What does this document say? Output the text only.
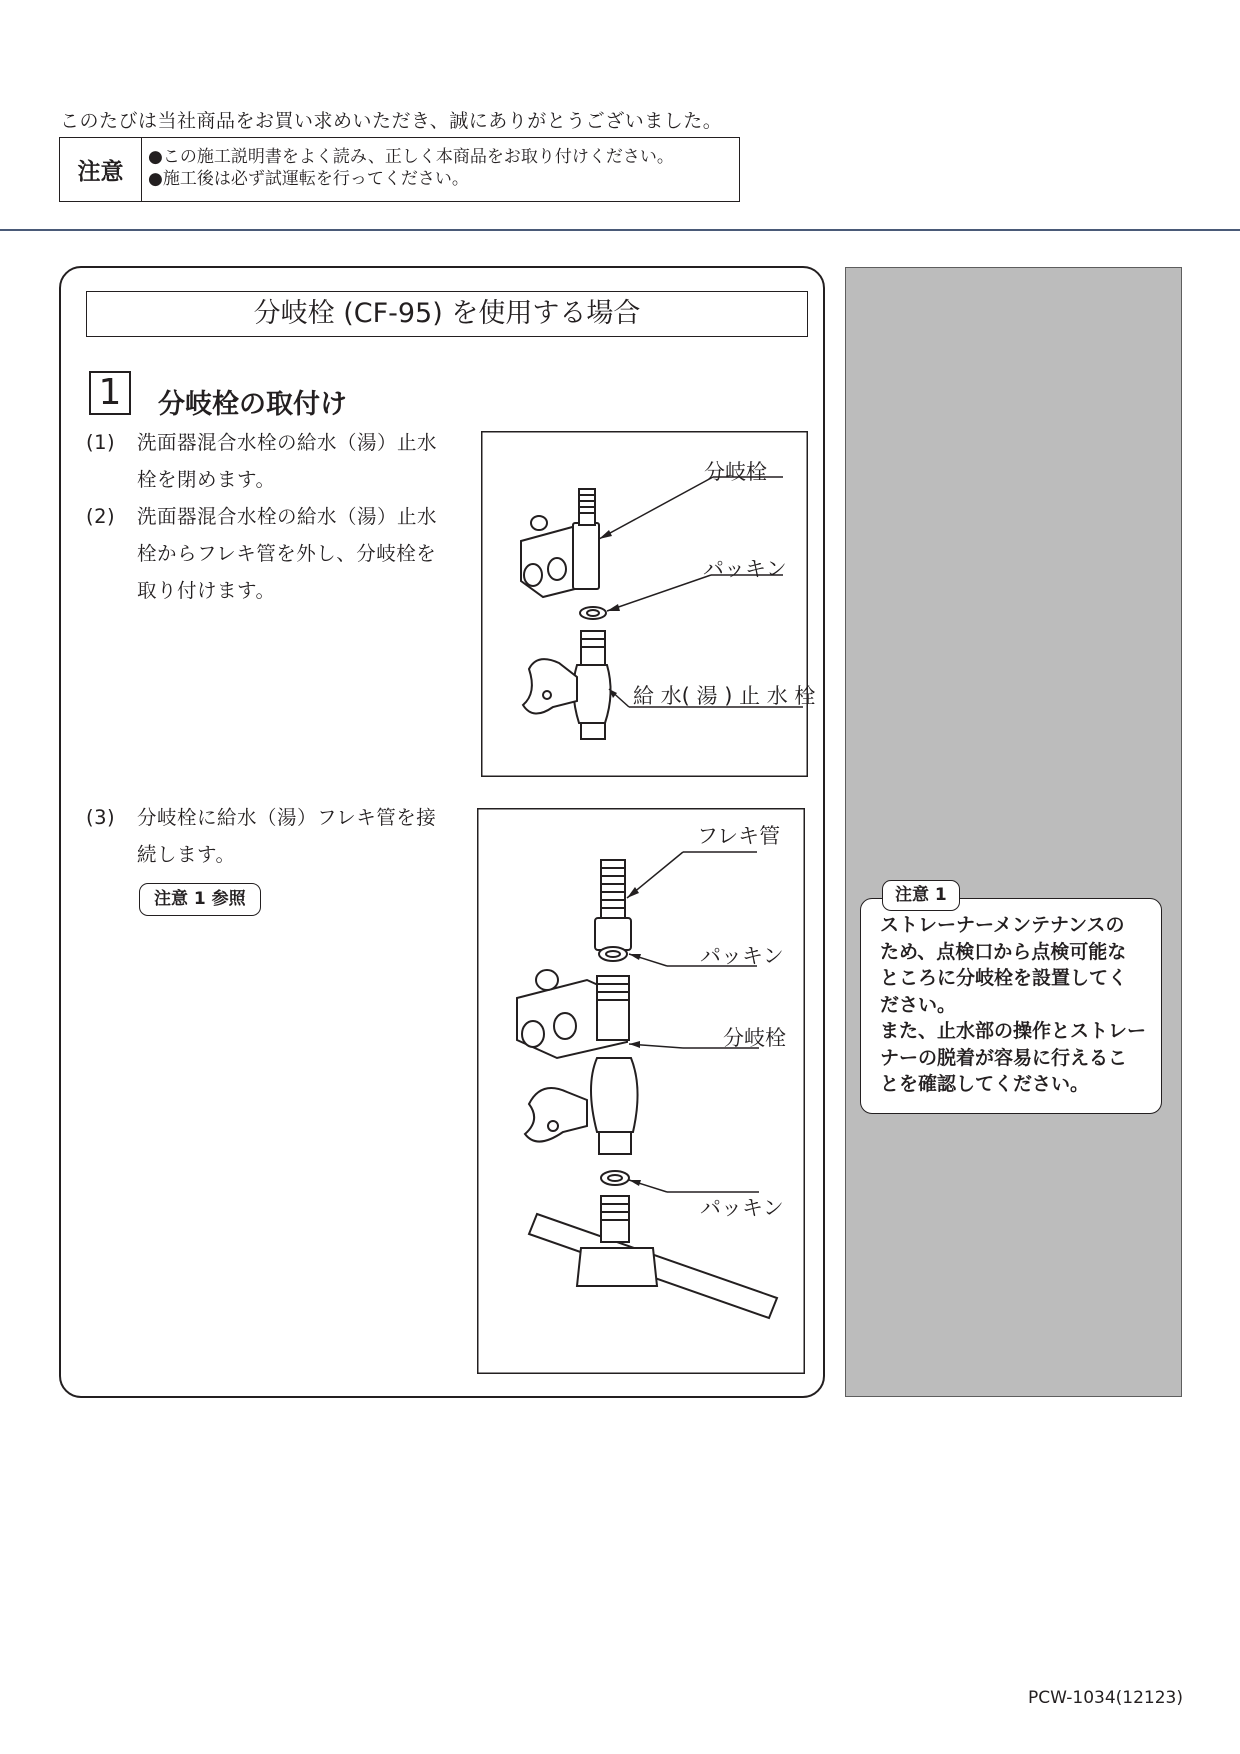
このたびは当社商品をお買い求めいただき、誠にありがとうございました。
注意
●この施工説明書をよく読み、正しく本商品をお取り付けください。
●施工後は必ず試運転を行ってください。
分岐栓 (CF-95) を使用する場合
1	分岐栓の取付け
(1) 洗面器混合水栓の給水（湯）止水栓を閉めます。
(2) 洗面器混合水栓の給水（湯）止水栓からフレキ管を外し、分岐栓を取り付けます。
(3) 分岐栓に給水（湯）フレキ管を接続します。
注意 1 参照
分岐栓
パッキン
給 水( 湯 ) 止 水 栓
フレキ管
パッキン
分岐栓
パッキン
注意 1
ストレーナーメンテナンスの
ため、点検口から点検可能な
ところに分岐栓を設置してく
ださい。
また、止水部の操作とストレー
ナーの脱着が容易に行えるこ
とを確認してください。
PCW-1034(12123)
